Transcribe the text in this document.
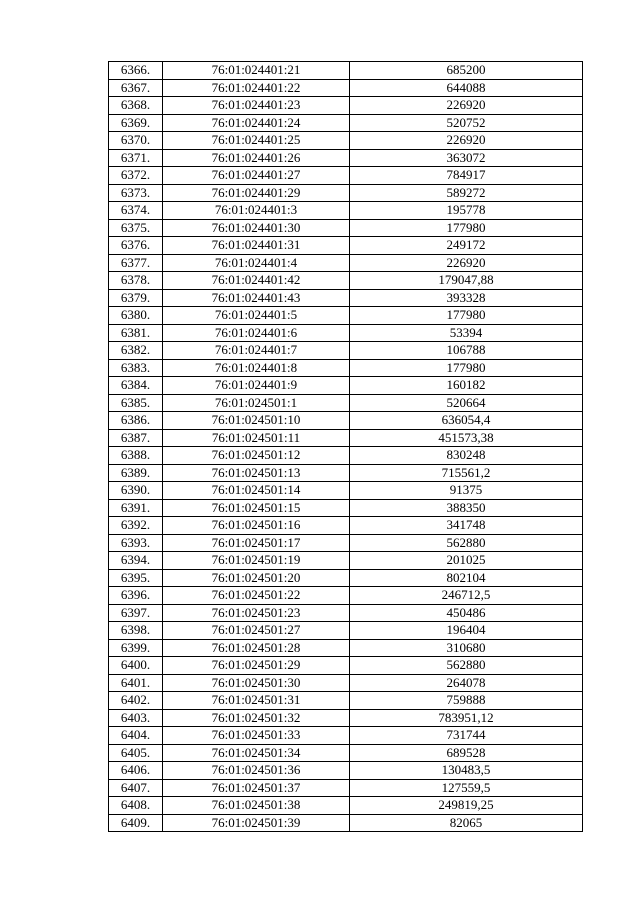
6366.	76:01:024401:21	685200
6367.	76:01:024401:22	644088
6368.	76:01:024401:23	226920
6369.	76:01:024401:24	520752
6370.	76:01:024401:25	226920
6371.	76:01:024401:26	363072
6372.	76:01:024401:27	784917
6373.	76:01:024401:29	589272
6374.	76:01:024401:3	195778
6375.	76:01:024401:30	177980
6376.	76:01:024401:31	249172
6377.	76:01:024401:4	226920
6378.	76:01:024401:42	179047,88
6379.	76:01:024401:43	393328
6380.	76:01:024401:5	177980
6381.	76:01:024401:6	53394
6382.	76:01:024401:7	106788
6383.	76:01:024401:8	177980
6384.	76:01:024401:9	160182
6385.	76:01:024501:1	520664
6386.	76:01:024501:10	636054,4
6387.	76:01:024501:11	451573,38
6388.	76:01:024501:12	830248
6389.	76:01:024501:13	715561,2
6390.	76:01:024501:14	91375
6391.	76:01:024501:15	388350
6392.	76:01:024501:16	341748
6393.	76:01:024501:17	562880
6394.	76:01:024501:19	201025
6395.	76:01:024501:20	802104
6396.	76:01:024501:22	246712,5
6397.	76:01:024501:23	450486
6398.	76:01:024501:27	196404
6399.	76:01:024501:28	310680
6400.	76:01:024501:29	562880
6401.	76:01:024501:30	264078
6402.	76:01:024501:31	759888
6403.	76:01:024501:32	783951,12
6404.	76:01:024501:33	731744
6405.	76:01:024501:34	689528
6406.	76:01:024501:36	130483,5
6407.	76:01:024501:37	127559,5
6408.	76:01:024501:38	249819,25
6409.	76:01:024501:39	82065
